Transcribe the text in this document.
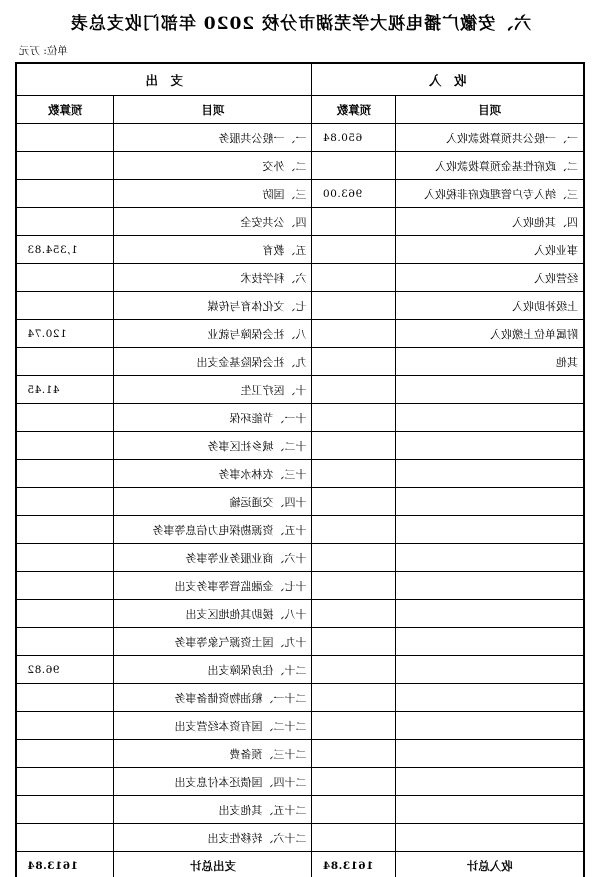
六、安徽广播电视大学芜湖市分校 2020 年部门收支总表
单位: 万元
收　入		支　出	
项目	预算数	项目	预算数
一、一般公共预算拨款收入	650.84	一、一般公共服务	
二、政府性基金预算拨款收入		二、外交	
三、纳入专户管理政府非税收入	963.00	三、国防	
四、其他收入		四、公共安全	
事业收入		五、教育	1,354.83
经营收入		六、科学技术	
上级补助收入		七、文化体育与传媒	
附属单位上缴收入		八、社会保障与就业	120.74
其他		九、社会保险基金支出	
		十、医疗卫生	41.45
		十一、节能环保	
		十二、城乡社区事务	
		十三、农林水事务	
		十四、交通运输	
		十五、资源勘探电力信息等事务	
		十六、商业服务业等事务	
		十七、金融监管等事务支出	
		十八、援助其他地区支出	
		十九、国土资源气象等事务	
		二十、住房保障支出	96.82
		二十一、粮油物资储备事务	
		二十二、国有资本经营支出	
		二十三、预备费	
		二十四、国债还本付息支出	
		二十五、其他支出	
		二十六、转移性支出	
收入总计	1613.84	支出总计	1613.84
